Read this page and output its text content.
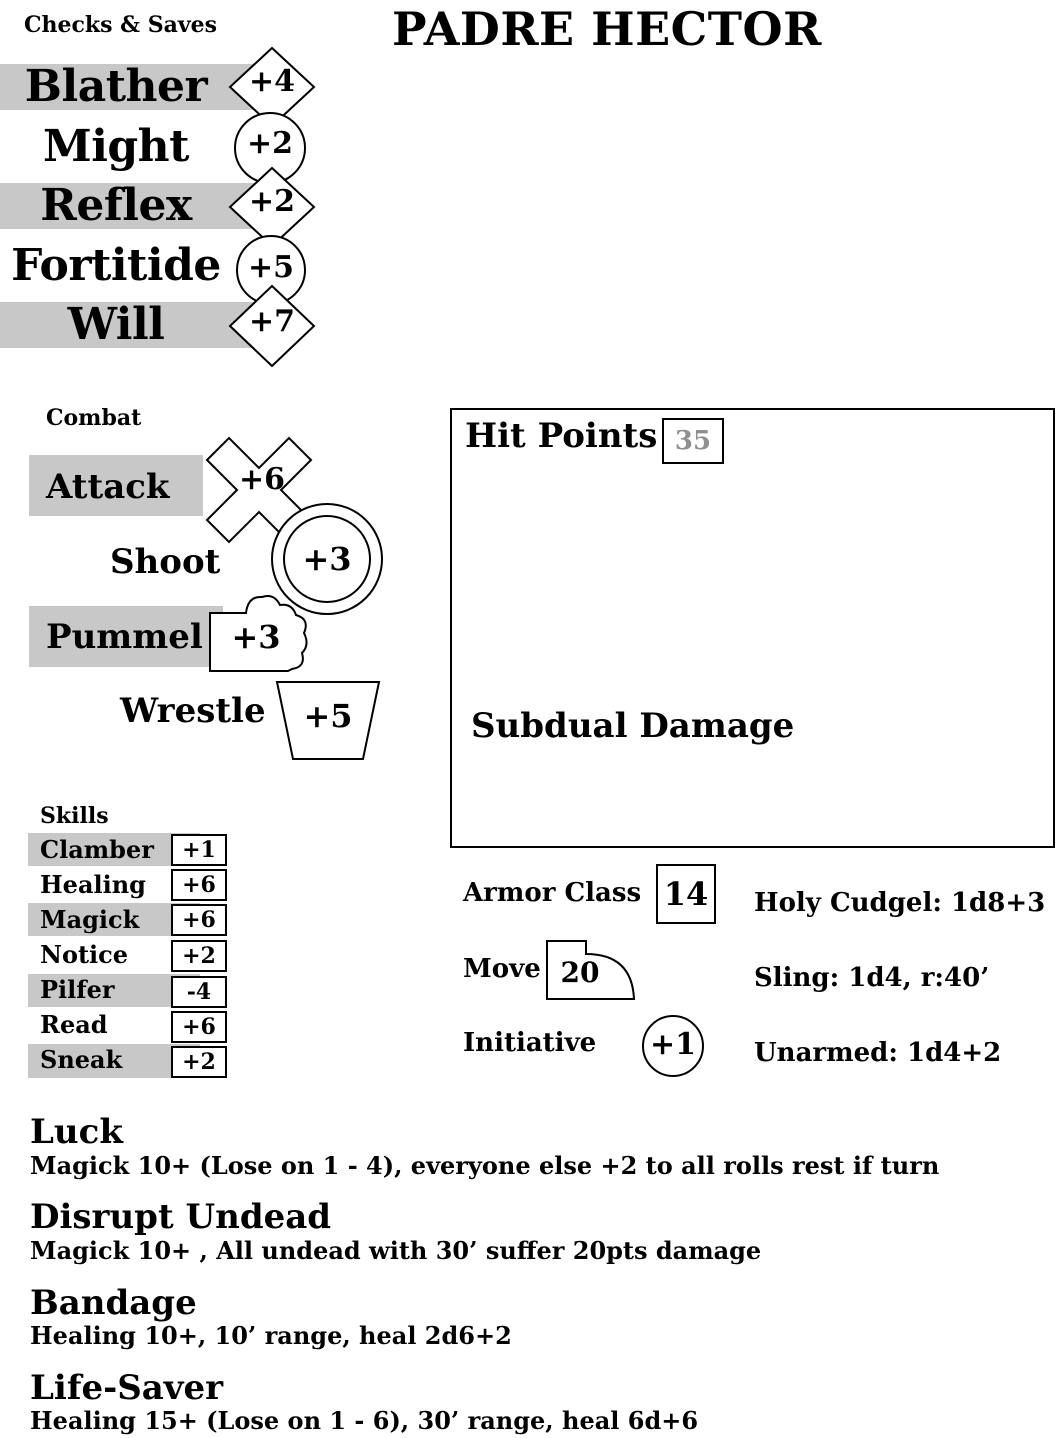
Checks & Saves	PADRE HECTOR
Blather	+4
Might	+2
Reflex	+2
Fortitide +5
Will	+7
Combat
Attack +6
Shoot	+3
Pummel +3
Wrestle +5
Hit Points 35
Subdual Damage
Skills
Clamber	+1
Healing	+6
Magick	+6
Notice	+2
Pilfer	-4
Read	+6
Sneak	+2
Armor Class 14
Move 20
Initiative +1
Holy Cudgel: 1d8+3
Sling: 1d4, r:40’
Unarmed: 1d4+2
Luck
Magick 10+ (Lose on 1 - 4), everyone else +2 to all rolls rest if turn
Disrupt Undead
Magick 10+ , All undead with 30’ suffer 20pts damage
Bandage
Healing 10+, 10’ range, heal 2d6+2
Life-Saver
Healing 15+ (Lose on 1 - 6), 30’ range, heal 6d+6
